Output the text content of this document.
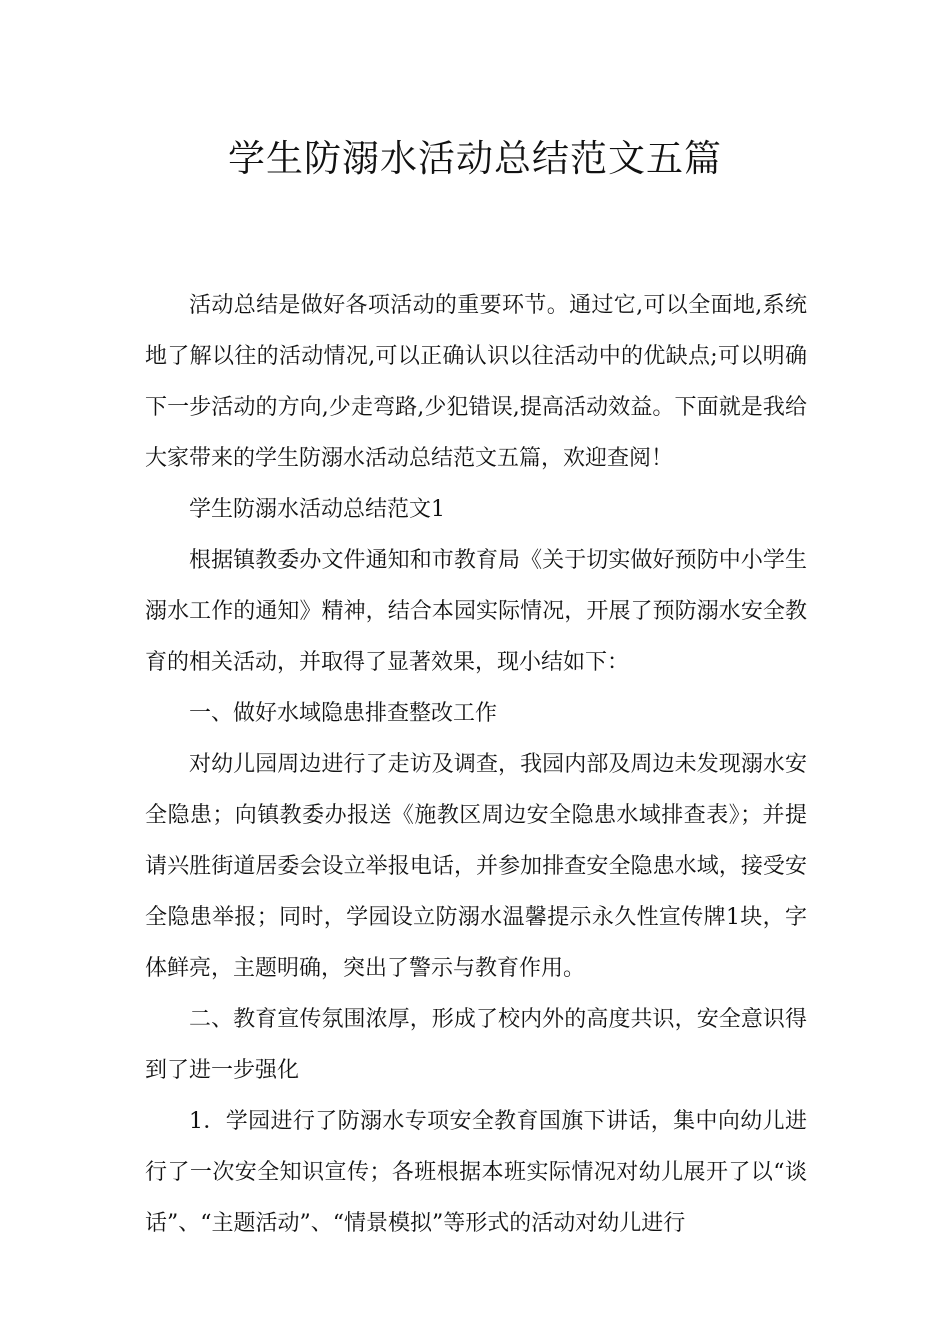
学生防溺水活动总结范文五篇

活动总结是做好各项活动的重要环节。通过它,可以全面地,系统地了解以往的活动情况,可以正确认识以往活动中的优缺点;可以明确下一步活动的方向,少走弯路,少犯错误,提高活动效益。下面就是我给大家带来的学生防溺水活动总结范文五篇，欢迎查阅！

学生防溺水活动总结范文1

根据镇教委办文件通知和市教育局《关于切实做好预防中小学生溺水工作的通知》精神，结合本园实际情况，开展了预防溺水安全教育的相关活动，并取得了显著效果，现小结如下：

一、做好水域隐患排查整改工作

对幼儿园周边进行了走访及调查，我园内部及周边未发现溺水安全隐患；向镇教委办报送《施教区周边安全隐患水域排查表》；并提请兴胜街道居委会设立举报电话，并参加排查安全隐患水域，接受安全隐患举报；同时，学园设立防溺水温馨提示永久性宣传牌1块，字体鲜亮，主题明确，突出了警示与教育作用。

二、教育宣传氛围浓厚，形成了校内外的高度共识，安全意识得到了进一步强化

1．学园进行了防溺水专项安全教育国旗下讲话，集中向幼儿进行了一次安全知识宣传；各班根据本班实际情况对幼儿展开了以“谈话”、“主题活动”、“情景模拟”等形式的活动对幼儿进行
